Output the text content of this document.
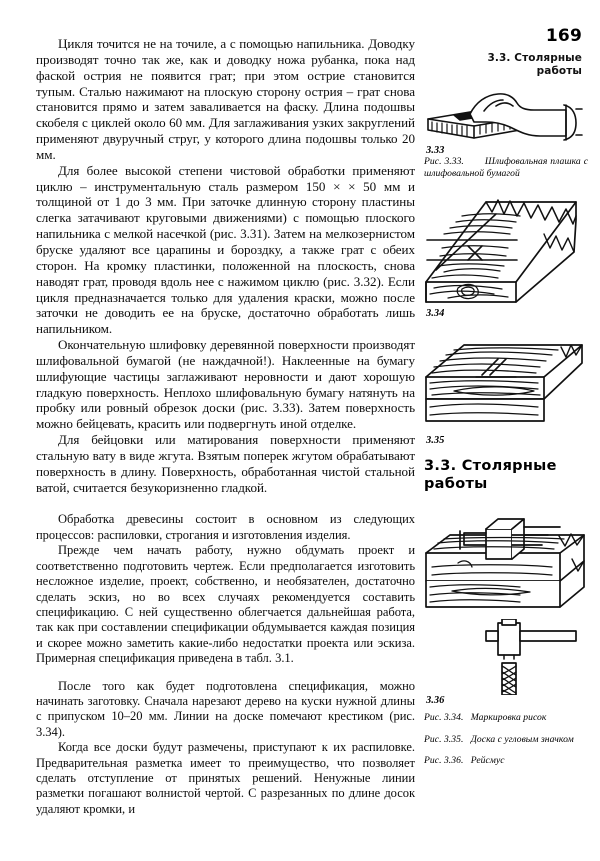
169
3.3. Столярные
работы
3.33
Рис. 3.33. Шлифовальная плашка с шлифовальной бумагой
3.34
3.35
3.3. Столярные
работы
3.36
Рис. 3.34. Маркировка рисок
Рис. 3.35. Доска с угловым значком
Рис. 3.36. Рейсмус

Цикля точится не на точиле, а с помощью напильника. Доводку производят точно так же, как и доводку ножа рубанка, пока над фаской острия не появится грат; при этом острие становится тупым. Сталью нажимают на плоскую сторону острия – грат снова становится прямо и затем заваливается на фаску. Длина подошвы скобеля с циклей около 60 мм. Для заглаживания узких закруглений применяют двуручный струг, у которого длина подошвы только 20 мм.

Для более высокой степени чистовой обработки применяют циклю – инструментальную сталь размером 150 × × 50 мм и толщиной от 1 до 3 мм. При заточке длинную сторону пластины слегка затачивают круговыми движениями) с помощью плоского напильника с мелкой насечкой (рис. 3.31). Затем на мелкозернистом бруске удаляют все царапины и бороздку, а также грат с обеих сторон. На кромку пластинки, положенной на плоскость, снова наводят грат, проводя вдоль нее с нажимом циклю (рис. 3.32). Если цикля предназначается только для удаления краски, можно после заточки не доводить ее на бруске, достаточно обработать лишь напильником.

Окончательную шлифовку деревянной поверхности производят шлифовальной бумагой (не наждачной!). Наклеенные на бумагу шлифующие частицы заглаживают неровности и дают хорошую гладкую поверхность. Неплохо шлифовальную бумагу натянуть на пробку или ровный обрезок доски (рис. 3.33). Затем поверхность можно бейцевать, красить или подвергнуть иной отделке.

Для бейцовки или матирования поверхности применяют стальную вату в виде жгута. Взятым поперек жгутом обрабатывают поверхность в длину. Поверхность, обработанная чистой стальной ватой, считается безукоризненно гладкой.

Обработка древесины состоит в основном из следующих процессов: распиловки, строгания и изготовления изделия.

Прежде чем начать работу, нужно обдумать проект и соответственно подготовить чертеж. Если предполагается изготовить несложное изделие, проект, собственно, и необязателен, достаточно сделать эскиз, но во всех случаях рекомендуется составить спецификацию. С ней существенно облегчается дальнейшая работа, так как при составлении спецификации обдумывается каждая позиция и скорее можно заметить какие-либо недостатки проекта или эскиза. Примерная спецификация приведена в табл. 3.1.

После того как будет подготовлена спецификация, можно начинать заготовку. Сначала нарезают дерево на куски нужной длины с припуском 10–20 мм. Линии на доске помечают крестиком (рис. 3.34).

Когда все доски будут размечены, приступают к их распиловке. Предварительная разметка имеет то преимущество, что позволяет сделать отступление от принятых решений. Ненужные линии разметки погашают волнистой чертой. С разрезанных по длине досок удаляют кромки, и
